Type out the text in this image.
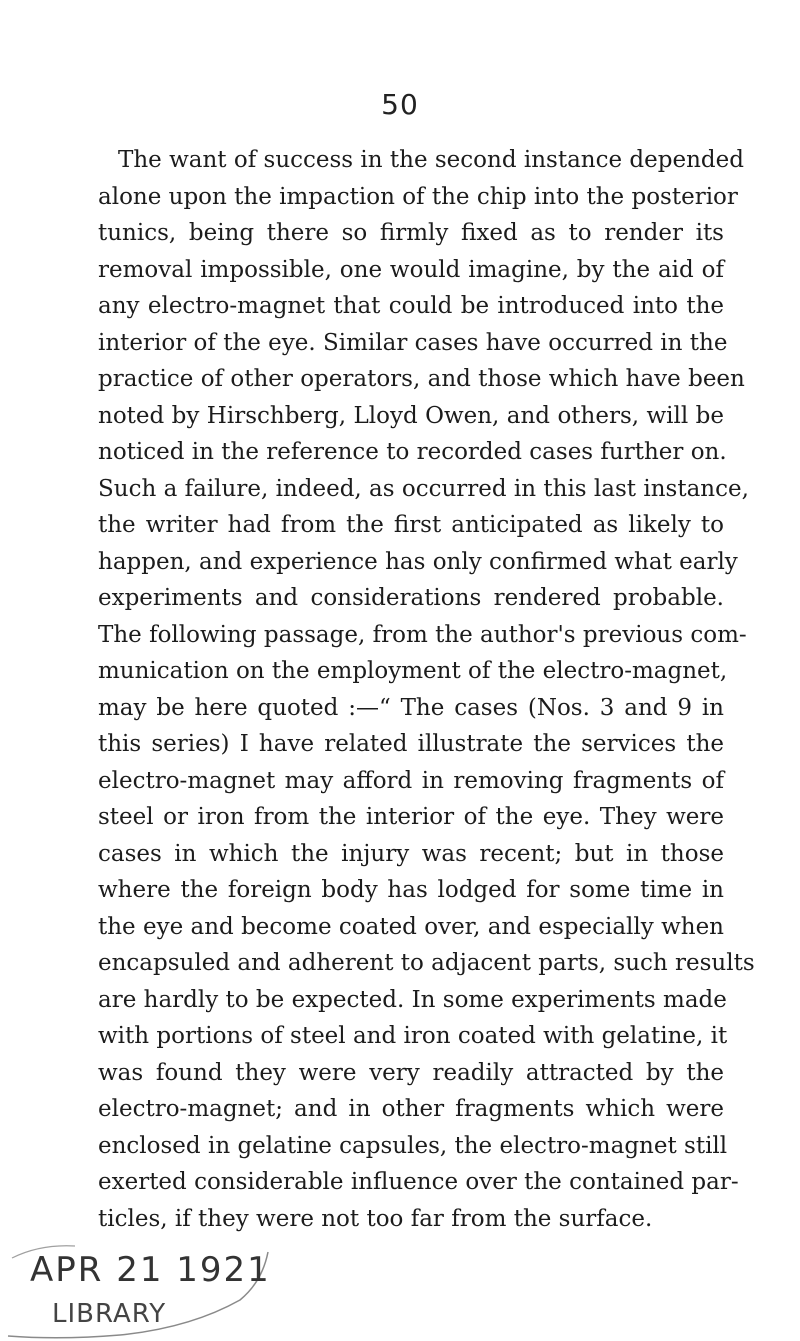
50
The want of success in the second instance depended
alone upon the impaction of the chip into the posterior
tunics, being there so firmly fixed as to render its
removal impossible, one would imagine, by the aid of
any electro-magnet that could be introduced into the
interior of the eye. Similar cases have occurred in the
practice of other operators, and those which have been
noted by Hirschberg, Lloyd Owen, and others, will be
noticed in the reference to recorded cases further on.
Such a failure, indeed, as occurred in this last instance,
the writer had from the first anticipated as likely to
happen, and experience has only confirmed what early
experiments and considerations rendered probable.
The following passage, from the author's previous com-
munication on the employment of the electro-magnet,
may be here quoted :—“ The cases (Nos. 3 and 9 in
this series) I have related illustrate the services the
electro-magnet may afford in removing fragments of
steel or iron from the interior of the eye. They were
cases in which the injury was recent; but in those
where the foreign body has lodged for some time in
the eye and become coated over, and especially when
encapsuled and adherent to adjacent parts, such results
are hardly to be expected. In some experiments made
with portions of steel and iron coated with gelatine, it
was found they were very readily attracted by the
electro-magnet; and in other fragments which were
enclosed in gelatine capsules, the electro-magnet still
exerted considerable influence over the contained par-
ticles, if they were not too far from the surface.
APR 21 1921
LIBRARY
